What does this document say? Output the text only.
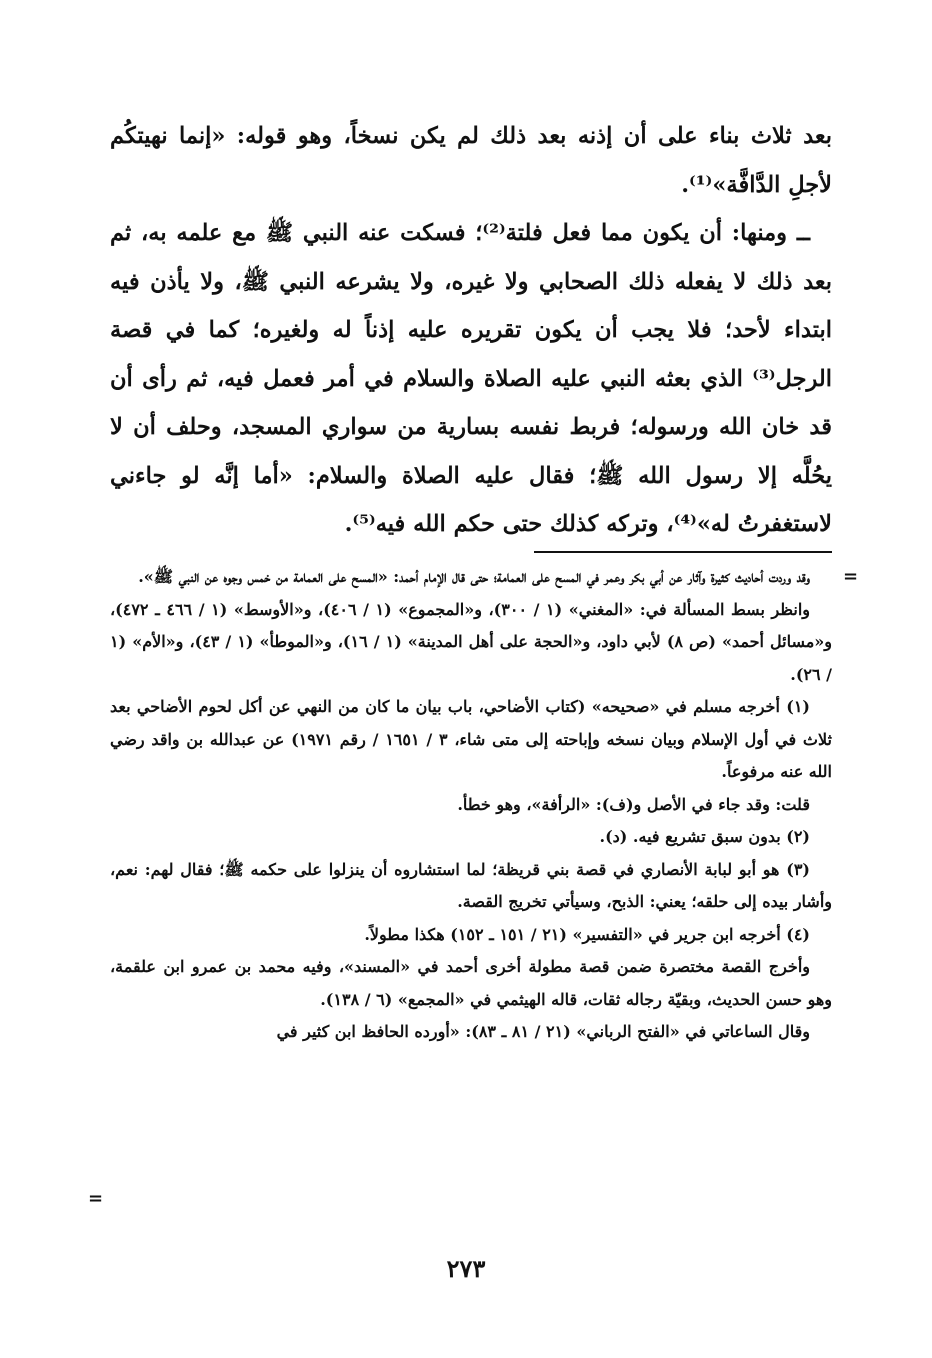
بعد ثلاث بناء على أن إذنه بعد ذلك لم يكن نسخاً، وهو قوله: «إنما نهيتكُم لأجلِ الدَّافَّة»⁽¹⁾.

ــ ومنها: أن يكون مما فعل فلتة⁽²⁾؛ فسكت عنه النبي ﷺ مع علمه به، ثم بعد ذلك لا يفعله ذلك الصحابي ولا غيره، ولا يشرعه النبي ﷺ، ولا يأذن فيه ابتداء لأحد؛ فلا يجب أن يكون تقريره عليه إذناً له ولغيره؛ كما في قصة الرجل⁽³⁾ الذي بعثه النبي عليه الصلاة والسلام في أمر فعمل فيه، ثم رأى أن قد خان الله ورسوله؛ فربط نفسه بسارية من سواري المسجد، وحلف أن لا يحُلَّه إلا رسول الله ﷺ؛ فقال عليه الصلاة والسلام: «أما إنَّه لو جاءني لاستغفرتُ له»⁽⁴⁾، وتركه كذلك حتى حكم الله فيه⁽⁵⁾.

=

وقد وردت أحاديث كثيرة وآثار عن أبي بكر وعمر في المسح على العمامة؛ حتى قال الإمام أحمد: «المسح على العمامة من خمس وجوه عن النبي ﷺ».

وانظر بسط المسألة في: «المغني» (١ / ٣٠٠)، و«المجموع» (١ / ٤٠٦)، و«الأوسط» (١ / ٤٦٦ ـ ٤٧٢)، و«مسائل أحمد» (ص ٨) لأبي داود، و«الحجة على أهل المدينة» (١ / ١٦)، و«الموطأ» (١ / ٤٣)، و«الأم» (١ / ٢٦).

(١) أخرجه مسلم في «صحيحه» (كتاب الأضاحي، باب بيان ما كان من النهي عن أكل لحوم الأضاحي بعد ثلاث في أول الإسلام وبيان نسخه وإباحته إلى متى شاء، ٣ / ١٦٥١ / رقم ١٩٧١) عن عبدالله بن واقد رضي الله عنه مرفوعاً.

قلت: وقد جاء في الأصل و(ف): «الرأفة»، وهو خطأ.

(٢) بدون سبق تشريع فيه. (د).

(٣) هو أبو لبابة الأنصاري في قصة بني قريظة؛ لما استشاروه أن ينزلوا على حكمه ﷺ؛ فقال لهم: نعم، وأشار بيده إلى حلقه؛ يعني: الذبح، وسيأتي تخريج القصة.

(٤) أخرجه ابن جرير في «التفسير» (٢١ / ١٥١ ـ ١٥٢) هكذا مطولاً.

وأخرج القصة مختصرة ضمن قصة مطولة أخرى أحمد في «المسند»، وفيه محمد بن عمرو ابن علقمة، وهو حسن الحديث، وبقيّة رجاله ثقات، قاله الهيثمي في «المجمع» (٦ / ١٣٨).

وقال الساعاتي في «الفتح الرباني» (٢١ / ٨١ ـ ٨٣): «أورده الحافظ ابن كثير في

=
٢٧٣
